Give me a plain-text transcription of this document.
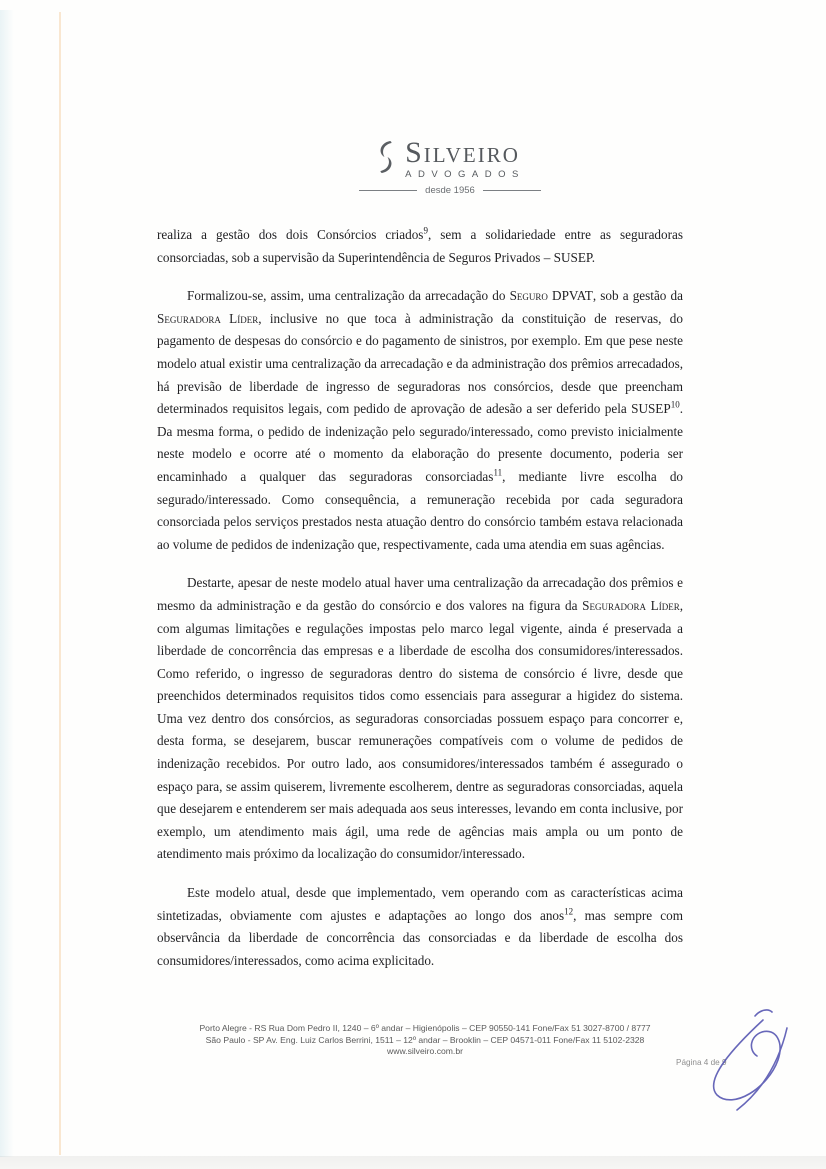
Silveiro
ADVOGADOS
desde 1956

realiza a gestão dos dois Consórcios criados$^9$, sem a solidariedade entre as seguradoras consorciadas, sob a supervisão da Superintendência de Seguros Privados – SUSEP.

Formalizou-se, assim, uma centralização da arrecadação do Seguro DPVAT, sob a gestão da Seguradora Líder, inclusive no que toca à administração da constituição de reservas, do pagamento de despesas do consórcio e do pagamento de sinistros, por exemplo. Em que pese neste modelo atual existir uma centralização da arrecadação e da administração dos prêmios arrecadados, há previsão de liberdade de ingresso de seguradoras nos consórcios, desde que preencham determinados requisitos legais, com pedido de aprovação de adesão a ser deferido pela SUSEP$^{10}$. Da mesma forma, o pedido de indenização pelo segurado/interessado, como previsto inicialmente neste modelo e ocorre até o momento da elaboração do presente documento, poderia ser encaminhado a qualquer das seguradoras consorciadas$^{11}$, mediante livre escolha do segurado/interessado. Como consequência, a remuneração recebida por cada seguradora consorciada pelos serviços prestados nesta atuação dentro do consórcio também estava relacionada ao volume de pedidos de indenização que, respectivamente, cada uma atendia em suas agências.

Destarte, apesar de neste modelo atual haver uma centralização da arrecadação dos prêmios e mesmo da administração e da gestão do consórcio e dos valores na figura da Seguradora Líder, com algumas limitações e regulações impostas pelo marco legal vigente, ainda é preservada a liberdade de concorrência das empresas e a liberdade de escolha dos consumidores/interessados. Como referido, o ingresso de seguradoras dentro do sistema de consórcio é livre, desde que preenchidos determinados requisitos tidos como essenciais para assegurar a higidez do sistema. Uma vez dentro dos consórcios, as seguradoras consorciadas possuem espaço para concorrer e, desta forma, se desejarem, buscar remunerações compatíveis com o volume de pedidos de indenização recebidos. Por outro lado, aos consumidores/interessados também é assegurado o espaço para, se assim quiserem, livremente escolherem, dentre as seguradoras consorciadas, aquela que desejarem e entenderem ser mais adequada aos seus interesses, levando em conta inclusive, por exemplo, um atendimento mais ágil, uma rede de agências mais ampla ou um ponto de atendimento mais próximo da localização do consumidor/interessado.

Este modelo atual, desde que implementado, vem operando com as características acima sintetizadas, obviamente com ajustes e adaptações ao longo dos anos$^{12}$, mas sempre com observância da liberdade de concorrência das consorciadas e da liberdade de escolha dos consumidores/interessados, como acima explicitado.

Porto Alegre - RS Rua Dom Pedro II, 1240 – 6º andar – Higienópolis – CEP 90550-141 Fone/Fax 51 3027-8700 / 8777
São Paulo - SP Av. Eng. Luiz Carlos Berrini, 1511 – 12º andar – Brooklin – CEP 04571-011 Fone/Fax 11 5102-2328
www.silveiro.com.br
Página 4 de 9
